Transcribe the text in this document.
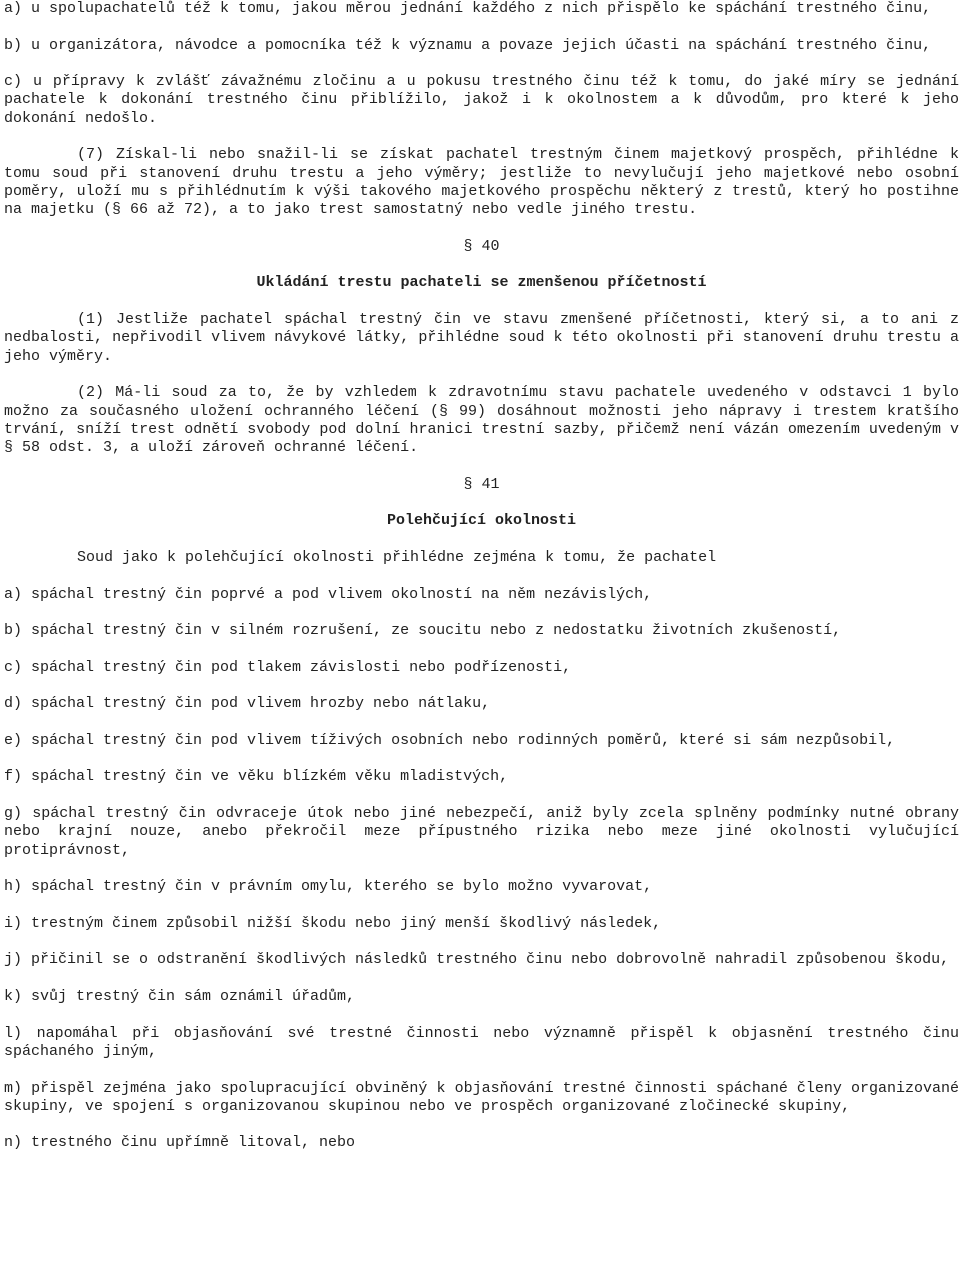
a) u spolupachatelů též k tomu, jakou měrou jednání každého z nich přispělo ke spáchání trestného činu,

b) u organizátora, návodce a pomocníka též k významu a povaze jejich účasti na spáchání trestného činu,

c) u přípravy k zvlášť závažnému zločinu a u pokusu trestného činu též k tomu, do jaké míry se jednání pachatele k dokonání trestného činu přiblížilo, jakož i k okolnostem a k důvodům, pro které k jeho dokonání nedošlo.

(7) Získal-li nebo snažil-li se získat pachatel trestným činem majetkový prospěch, přihlédne k tomu soud při stanovení druhu trestu a jeho výměry; jestliže to nevylučují jeho majetkové nebo osobní poměry, uloží mu s přihlédnutím k výši takového majetkového prospěchu některý z trestů, který ho postihne na majetku (§ 66 až 72), a to jako trest samostatný nebo vedle jiného trestu.

§ 40
Ukládání trestu pachateli se zmenšenou příčetností

(1) Jestliže pachatel spáchal trestný čin ve stavu zmenšené příčetnosti, který si, a to ani z nedbalosti, nepřivodil vlivem návykové látky, přihlédne soud k této okolnosti při stanovení druhu trestu a jeho výměry.

(2) Má-li soud za to, že by vzhledem k zdravotnímu stavu pachatele uvedeného v odstavci 1 bylo možno za současného uložení ochranného léčení (§ 99) dosáhnout možnosti jeho nápravy i trestem kratšího trvání, sníží trest odnětí svobody pod dolní hranici trestní sazby, přičemž není vázán omezením uvedeným v § 58 odst. 3, a uloží zároveň ochranné léčení.

§ 41
Polehčující okolnosti

Soud jako k polehčující okolnosti přihlédne zejména k tomu, že pachatel

a) spáchal trestný čin poprvé a pod vlivem okolností na něm nezávislých,

b) spáchal trestný čin v silném rozrušení, ze soucitu nebo z nedostatku životních zkušeností,

c) spáchal trestný čin pod tlakem závislosti nebo podřízenosti,

d) spáchal trestný čin pod vlivem hrozby nebo nátlaku,

e) spáchal trestný čin pod vlivem tíživých osobních nebo rodinných poměrů, které si sám nezpůsobil,

f) spáchal trestný čin ve věku blízkém věku mladistvých,

g) spáchal trestný čin odvraceje útok nebo jiné nebezpečí, aniž byly zcela splněny podmínky nutné obrany nebo krajní nouze, anebo překročil meze přípustného rizika nebo meze jiné okolnosti vylučující protiprávnost,

h) spáchal trestný čin v právním omylu, kterého se bylo možno vyvarovat,

i) trestným činem způsobil nižší škodu nebo jiný menší škodlivý následek,

j) přičinil se o odstranění škodlivých následků trestného činu nebo dobrovolně nahradil způsobenou škodu,

k) svůj trestný čin sám oznámil úřadům,

l) napomáhal při objasňování své trestné činnosti nebo významně přispěl k objasnění trestného činu spáchaného jiným,

m) přispěl zejména jako spolupracující obviněný k objasňování trestné činnosti spáchané členy organizované skupiny, ve spojení s organizovanou skupinou nebo ve prospěch organizované zločinecké skupiny,

n) trestného činu upřímně litoval, nebo
